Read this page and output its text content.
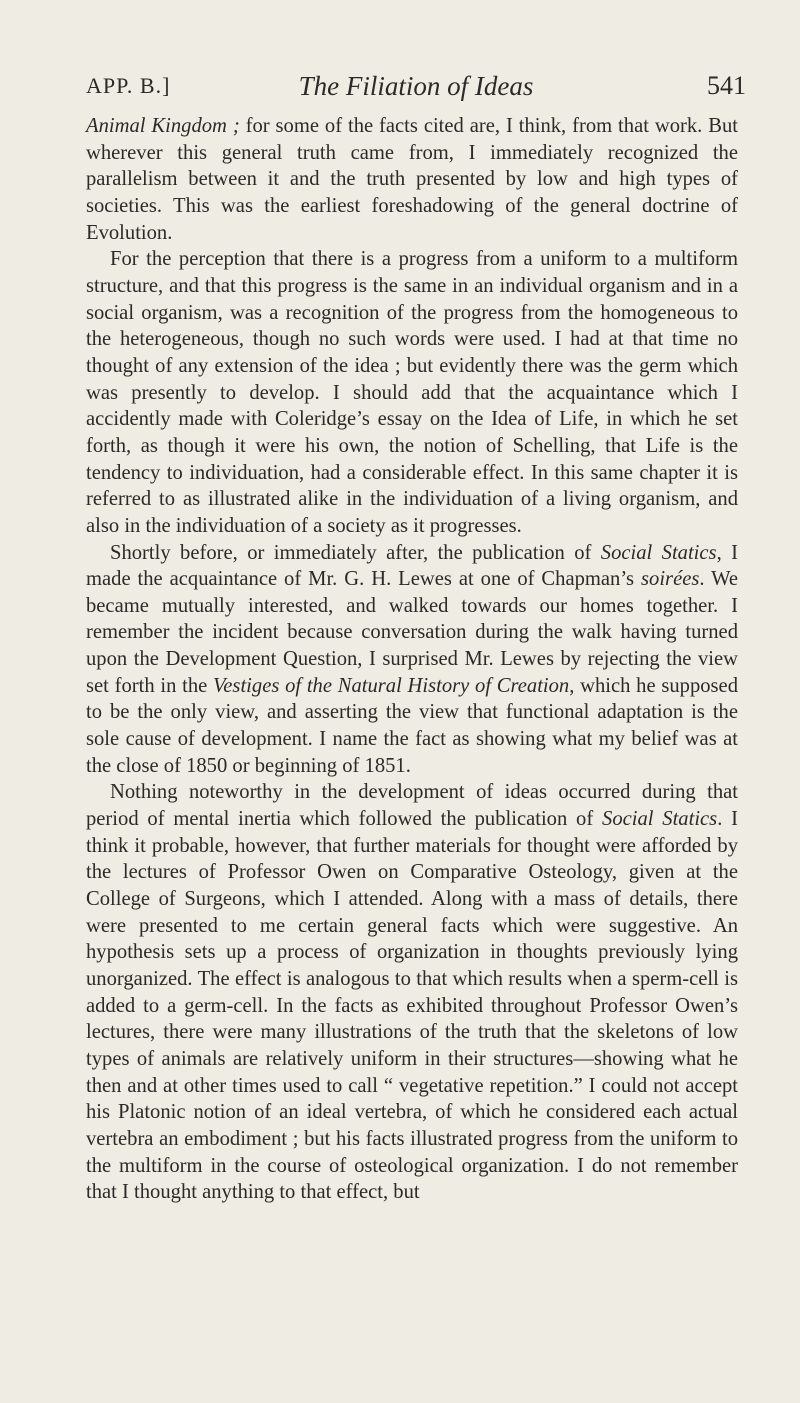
APP. B.]	The Filiation of Ideas	541

Animal Kingdom ; for some of the facts cited are, I think, from that work. But wherever this general truth came from, I immediately recognized the parallelism between it and the truth presented by low and high types of societies. This was the earliest foreshadowing of the general doctrine of Evolution.

For the perception that there is a progress from a uniform to a multiform structure, and that this progress is the same in an individual organism and in a social organism, was a recognition of the progress from the homogeneous to the heterogeneous, though no such words were used. I had at that time no thought of any extension of the idea ; but evidently there was the germ which was presently to develop. I should add that the acquaintance which I accidently made with Coleridge’s essay on the Idea of Life, in which he set forth, as though it were his own, the notion of Schelling, that Life is the tendency to individuation, had a considerable effect. In this same chapter it is referred to as illustrated alike in the individuation of a living organism, and also in the individuation of a society as it progresses.

Shortly before, or immediately after, the publication of Social Statics, I made the acquaintance of Mr. G. H. Lewes at one of Chapman’s soirées. We became mutually interested, and walked towards our homes together. I remember the incident because conversation during the walk having turned upon the Development Question, I surprised Mr. Lewes by rejecting the view set forth in the Vestiges of the Natural History of Creation, which he supposed to be the only view, and asserting the view that functional adaptation is the sole cause of development. I name the fact as showing what my belief was at the close of 1850 or beginning of 1851.

Nothing noteworthy in the development of ideas occurred during that period of mental inertia which followed the publication of Social Statics. I think it probable, however, that further materials for thought were afforded by the lectures of Professor Owen on Comparative Osteology, given at the College of Surgeons, which I attended. Along with a mass of details, there were presented to me certain general facts which were suggestive. An hypothesis sets up a process of organization in thoughts previously lying unorganized. The effect is analogous to that which results when a sperm-cell is added to a germ-cell. In the facts as exhibited throughout Professor Owen’s lectures, there were many illustrations of the truth that the skeletons of low types of animals are relatively uniform in their structures—showing what he then and at other times used to call “ vegetative repetition.” I could not accept his Platonic notion of an ideal vertebra, of which he considered each actual vertebra an embodiment ; but his facts illustrated progress from the uniform to the multiform in the course of osteological organization. I do not remember that I thought anything to that effect, but
